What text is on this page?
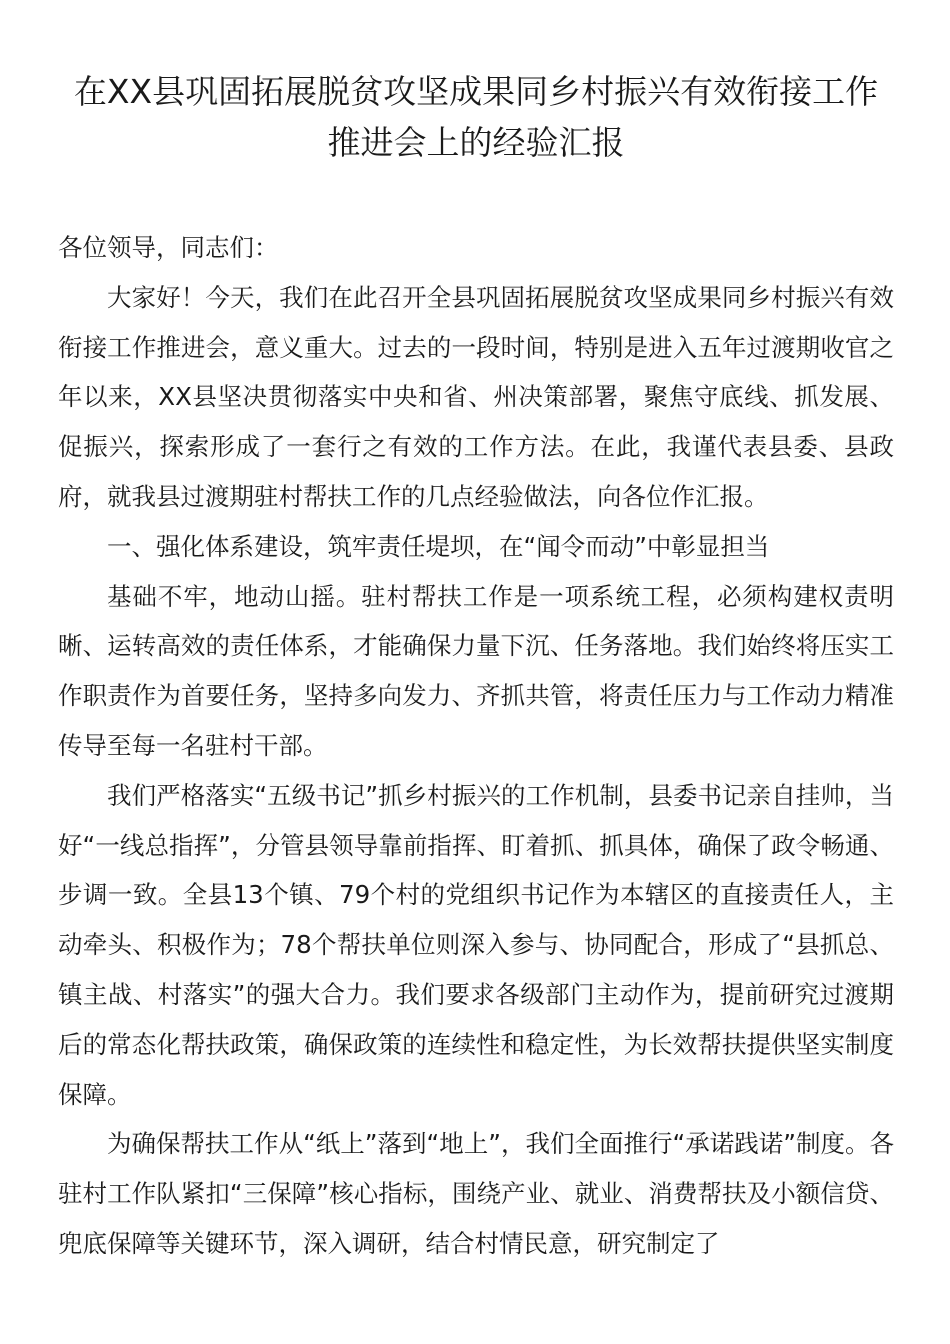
在XX县巩固拓展脱贫攻坚成果同乡村振兴有效衔接工作推进会上的经验汇报

各位领导，同志们：

大家好！今天，我们在此召开全县巩固拓展脱贫攻坚成果同乡村振兴有效衔接工作推进会，意义重大。过去的一段时间，特别是进入五年过渡期收官之年以来，XX县坚决贯彻落实中央和省、州决策部署，聚焦守底线、抓发展、促振兴，探索形成了一套行之有效的工作方法。在此，我谨代表县委、县政府，就我县过渡期驻村帮扶工作的几点经验做法，向各位作汇报。

一、强化体系建设，筑牢责任堤坝，在“闻令而动”中彰显担当

基础不牢，地动山摇。驻村帮扶工作是一项系统工程，必须构建权责明晰、运转高效的责任体系，才能确保力量下沉、任务落地。我们始终将压实工作职责作为首要任务，坚持多向发力、齐抓共管，将责任压力与工作动力精准传导至每一名驻村干部。

我们严格落实“五级书记”抓乡村振兴的工作机制，县委书记亲自挂帅，当好“一线总指挥”，分管县领导靠前指挥、盯着抓、抓具体，确保了政令畅通、步调一致。全县13个镇、79个村的党组织书记作为本辖区的直接责任人，主动牵头、积极作为；78个帮扶单位则深入参与、协同配合，形成了“县抓总、镇主战、村落实”的强大合力。我们要求各级部门主动作为，提前研究过渡期后的常态化帮扶政策，确保政策的连续性和稳定性，为长效帮扶提供坚实制度保障。

为确保帮扶工作从“纸上”落到“地上”，我们全面推行“承诺践诺”制度。各驻村工作队紧扣“三保障”核心指标，围绕产业、就业、消费帮扶及小额信贷、兜底保障等关键环节，深入调研，结合村情民意，研究制定了
